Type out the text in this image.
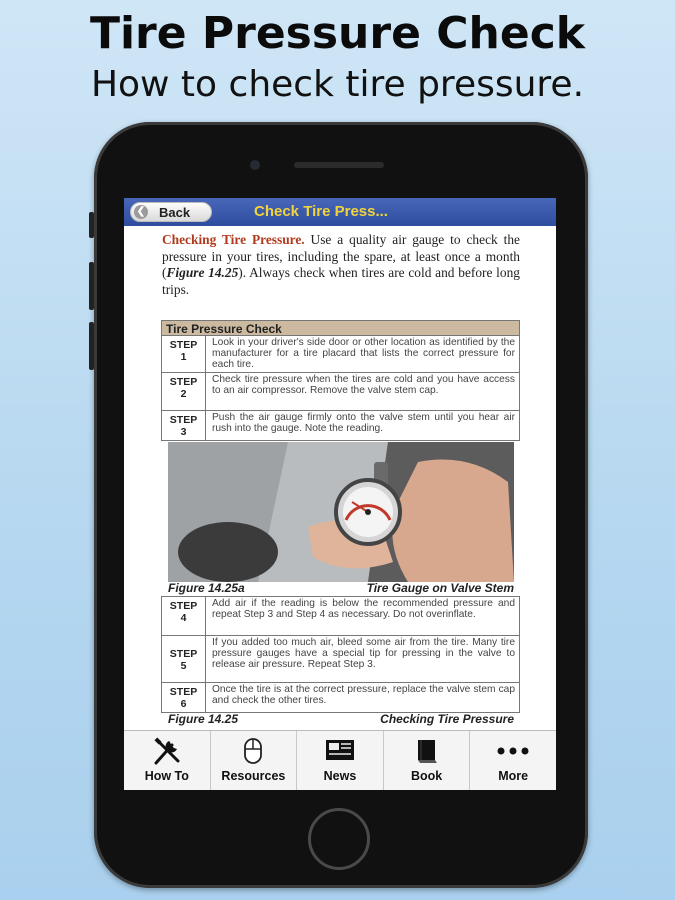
Tire Pressure Check
How to check tire pressure.
❮ Back	Check Tire Press...
Checking Tire Pressure. Use a quality air gauge to check the pressure in your tires, including the spare, at least once a month (Figure 14.25). Always check when tires are cold and before long trips.
Tire Pressure Check
STEP
1
Look in your driver's side door or other location as identified by the manufacturer for a tire placard that lists the correct pressure for each tire.
STEP
2
Check tire pressure when the tires are cold and you have access to an air compressor. Remove the valve stem cap.
STEP
3
Push the air gauge firmly onto the valve stem until you hear air rush into the gauge. Note the reading.
Figure 14.25a	Tire Gauge on Valve Stem
STEP
4
Add air if the reading is below the recommended pressure and repeat Step 3 and Step 4 as necessary. Do not overinflate.
STEP
5
If you added too much air, bleed some air from the tire. Many tire pressure gauges have a special tip for pressing in the valve to release air pressure. Repeat Step 3.
STEP
6
Once the tire is at the correct pressure, replace the valve stem cap and check the other tires.
Figure 14.25	Checking Tire Pressure
How To	Resources	News	Book	More
